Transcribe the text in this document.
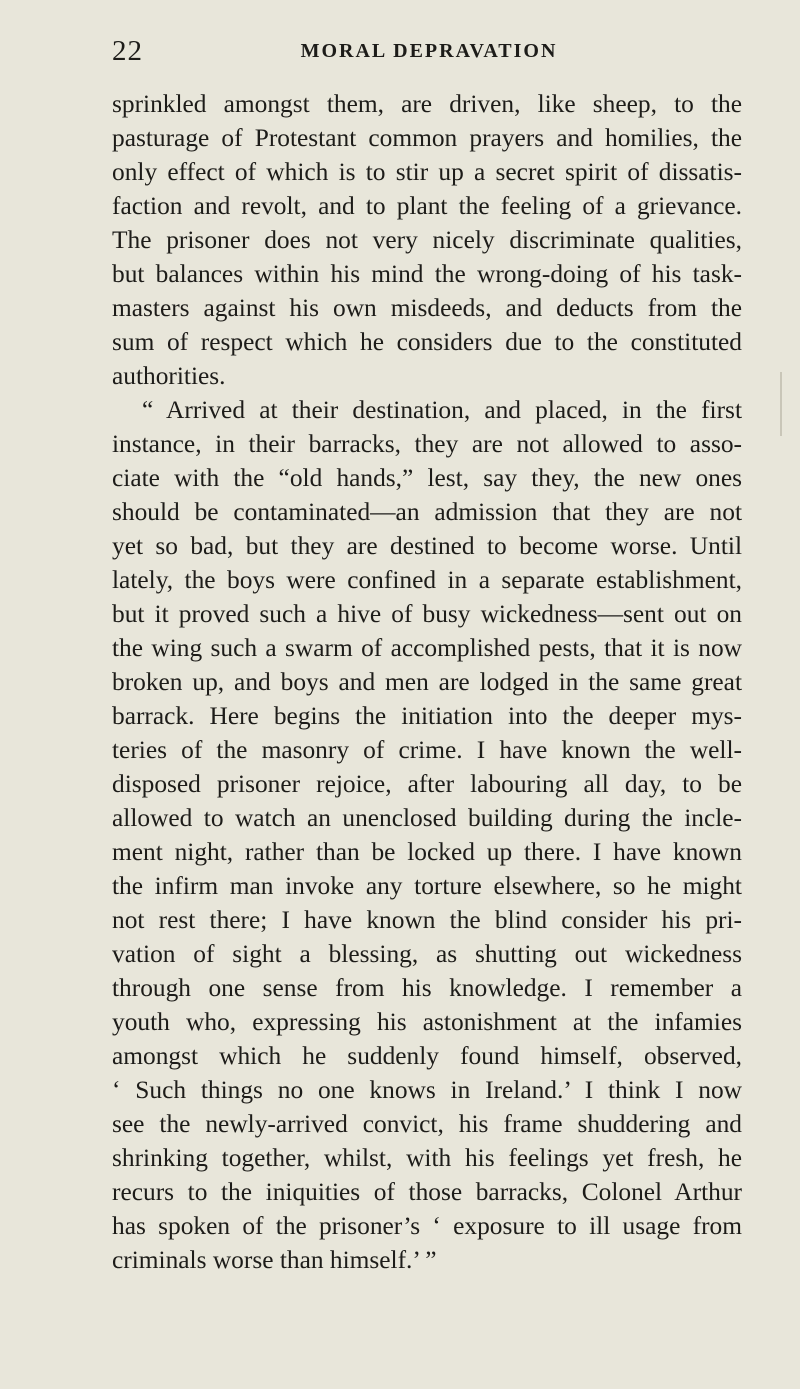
22	MORAL DEPRAVATION
sprinkled amongst them, are driven, like sheep, to the
pasturage of Protestant common prayers and homilies, the
only effect of which is to stir up a secret spirit of dissatis-
faction and revolt, and to plant the feeling of a grievance.
The prisoner does not very nicely discriminate qualities,
but balances within his mind the wrong-doing of his task-
masters against his own misdeeds, and deducts from the
sum of respect which he considers due to the constituted
authorities.
“ Arrived at their destination, and placed, in the first
instance, in their barracks, they are not allowed to asso-
ciate with the “old hands,” lest, say they, the new ones
should be contaminated—an admission that they are not
yet so bad, but they are destined to become worse. Until
lately, the boys were confined in a separate establishment,
but it proved such a hive of busy wickedness—sent out on
the wing such a swarm of accomplished pests, that it is now
broken up, and boys and men are lodged in the same great
barrack. Here begins the initiation into the deeper mys-
teries of the masonry of crime. I have known the well-
disposed prisoner rejoice, after labouring all day, to be
allowed to watch an unenclosed building during the incle-
ment night, rather than be locked up there. I have known
the infirm man invoke any torture elsewhere, so he might
not rest there; I have known the blind consider his pri-
vation of sight a blessing, as shutting out wickedness
through one sense from his knowledge. I remember a
youth who, expressing his astonishment at the infamies
amongst which he suddenly found himself, observed,
‘ Such things no one knows in Ireland.’ I think I now
see the newly-arrived convict, his frame shuddering and
shrinking together, whilst, with his feelings yet fresh, he
recurs to the iniquities of those barracks, Colonel Arthur
has spoken of the prisoner’s ‘ exposure to ill usage from
criminals worse than himself.’ ”
